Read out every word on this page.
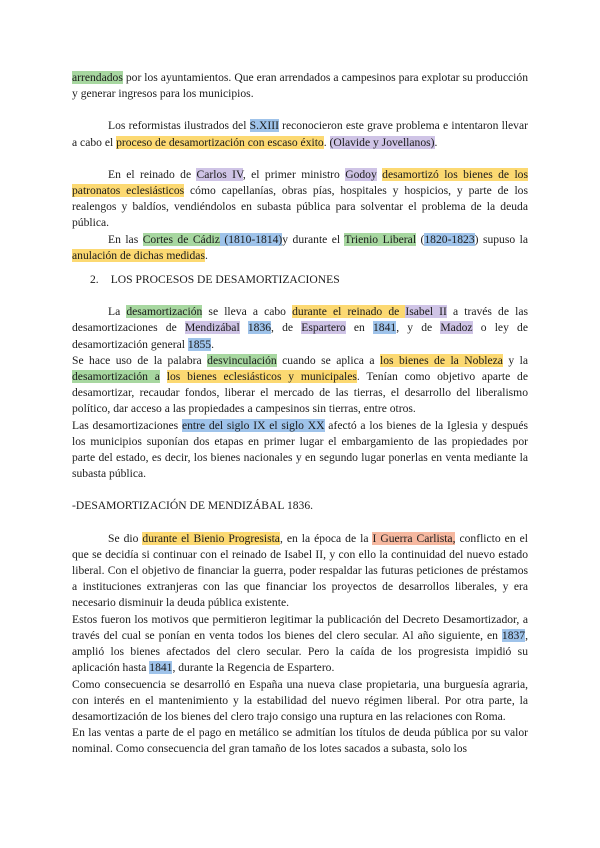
arrendados por los ayuntamientos. Que eran arrendados a campesinos para explotar su producción y generar ingresos para los municipios.

Los reformistas ilustrados del S.XIII reconocieron este grave problema e intentaron llevar a cabo el proceso de desamortización con escaso éxito. (Olavide y Jovellanos).

En el reinado de Carlos IV, el primer ministro Godoy desamortizó los bienes de los patronatos eclesiásticos cómo capellanías, obras pías, hospitales y hospicios, y parte de los realengos y baldíos, vendiéndolos en subasta pública para solventar el problema de la deuda pública.

En las Cortes de Cádiz (1810-1814)y durante el Trienio Liberal (1820-1823) supuso la anulación de dichas medidas.

2. LOS PROCESOS DE DESAMORTIZACIONES

La desamortización se lleva a cabo durante el reinado de Isabel II a través de las desamortizaciones de Mendizábal 1836, de Espartero en 1841, y de Madoz o ley de desamortización general 1855.

Se hace uso de la palabra desvinculación cuando se aplica a los bienes de la Nobleza y la desamortización a los bienes eclesiásticos y municipales. Tenían como objetivo aparte de desamortizar, recaudar fondos, liberar el mercado de las tierras, el desarrollo del liberalismo político, dar acceso a las propiedades a campesinos sin tierras, entre otros.

Las desamortizaciones entre del siglo IX el siglo XX afectó a los bienes de la Iglesia y después los municipios suponían dos etapas en primer lugar el embargamiento de las propiedades por parte del estado, es decir, los bienes nacionales y en segundo lugar ponerlas en venta mediante la subasta pública.

-DESAMORTIZACIÓN DE MENDIZÁBAL 1836.

Se dio durante el Bienio Progresista, en la época de la I Guerra Carlista, conflicto en el que se decidía si continuar con el reinado de Isabel II, y con ello la continuidad del nuevo estado liberal. Con el objetivo de financiar la guerra, poder respaldar las futuras peticiones de préstamos a instituciones extranjeras con las que financiar los proyectos de desarrollos liberales, y era necesario disminuir la deuda pública existente.

Estos fueron los motivos que permitieron legitimar la publicación del Decreto Desamortizador, a través del cual se ponían en venta todos los bienes del clero secular. Al año siguiente, en 1837, amplió los bienes afectados del clero secular. Pero la caída de los progresista impidió su aplicación hasta 1841, durante la Regencia de Espartero.

Como consecuencia se desarrolló en España una nueva clase propietaria, una burguesía agraria, con interés en el mantenimiento y la estabilidad del nuevo régimen liberal. Por otra parte, la desamortización de los bienes del clero trajo consigo una ruptura en las relaciones con Roma.

En las ventas a parte de el pago en metálico se admitían los títulos de deuda pública por su valor nominal. Como consecuencia del gran tamaño de los lotes sacados a subasta, solo los
